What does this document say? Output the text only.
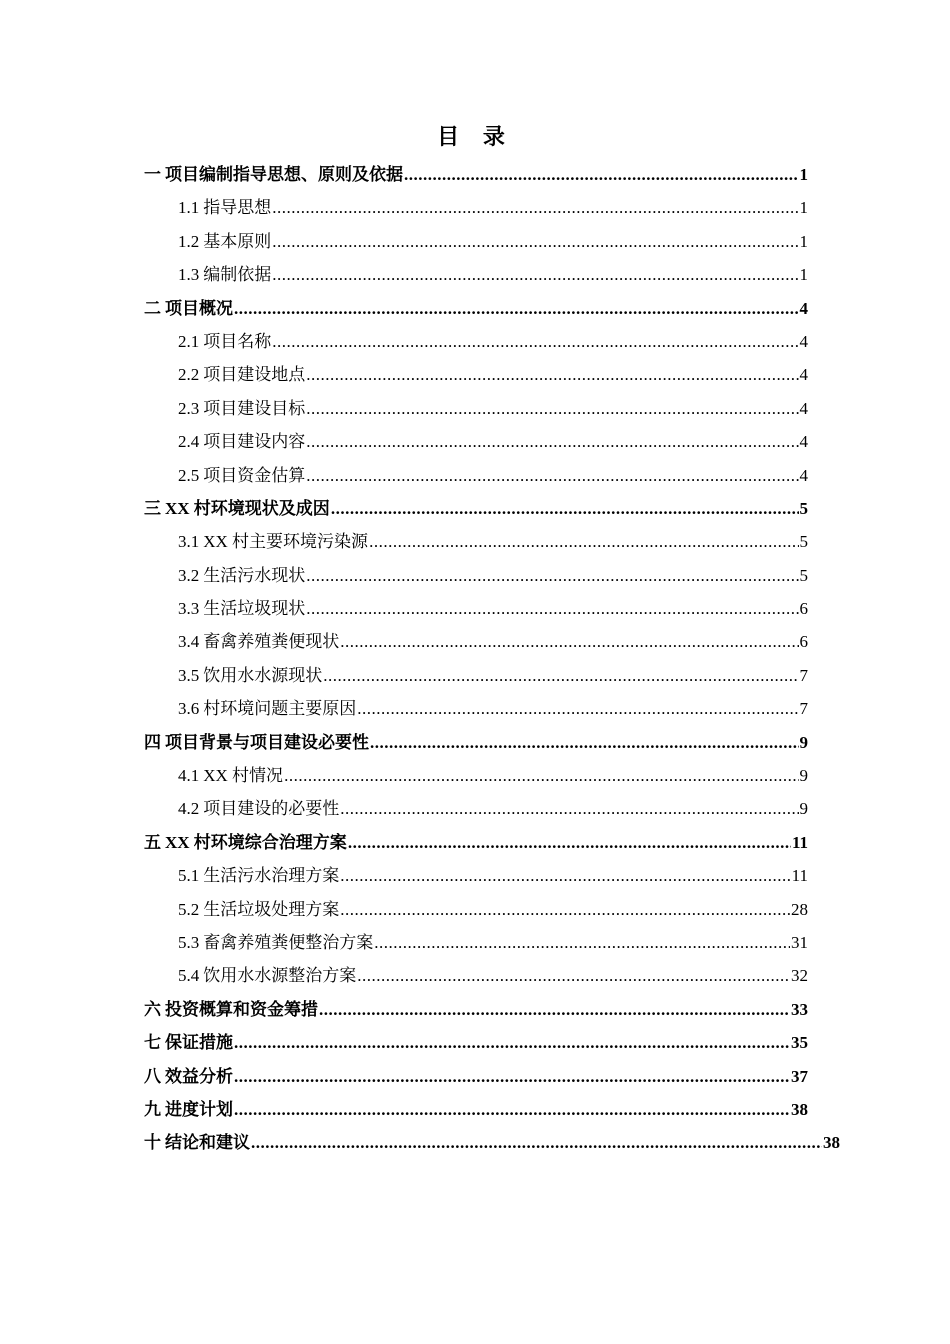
目 录
一 项目编制指导思想、原则及依据 .....	1
1.1 指导思想 .....	1
1.2 基本原则 .....	1
1.3 编制依据 .....	1
二 项目概况 .....	4
2.1 项目名称 .....	4
2.2 项目建设地点 .....	4
2.3 项目建设目标 .....	4
2.4 项目建设内容 .....	4
2.5 项目资金估算 .....	4
三 XX 村环境现状及成因 .....	5
3.1 XX 村主要环境污染源 .....	5
3.2 生活污水现状 .....	5
3.3 生活垃圾现状 .....	6
3.4 畜禽养殖粪便现状 .....	6
3.5 饮用水水源现状 .....	7
3.6 村环境问题主要原因 .....	7
四 项目背景与项目建设必要性 .....	9
4.1 XX 村情况 .....	9
4.2 项目建设的必要性 .....	9
五 XX 村环境综合治理方案 .....	11
5.1 生活污水治理方案 .....	11
5.2 生活垃圾处理方案 .....	28
5.3 畜禽养殖粪便整治方案 .....	31
5.4 饮用水水源整治方案 .....	32
六 投资概算和资金筹措 .....	33
七 保证措施 .....	35
八 效益分析 .....	37
九 进度计划 .....	38
十 结论和建议 .....	38
